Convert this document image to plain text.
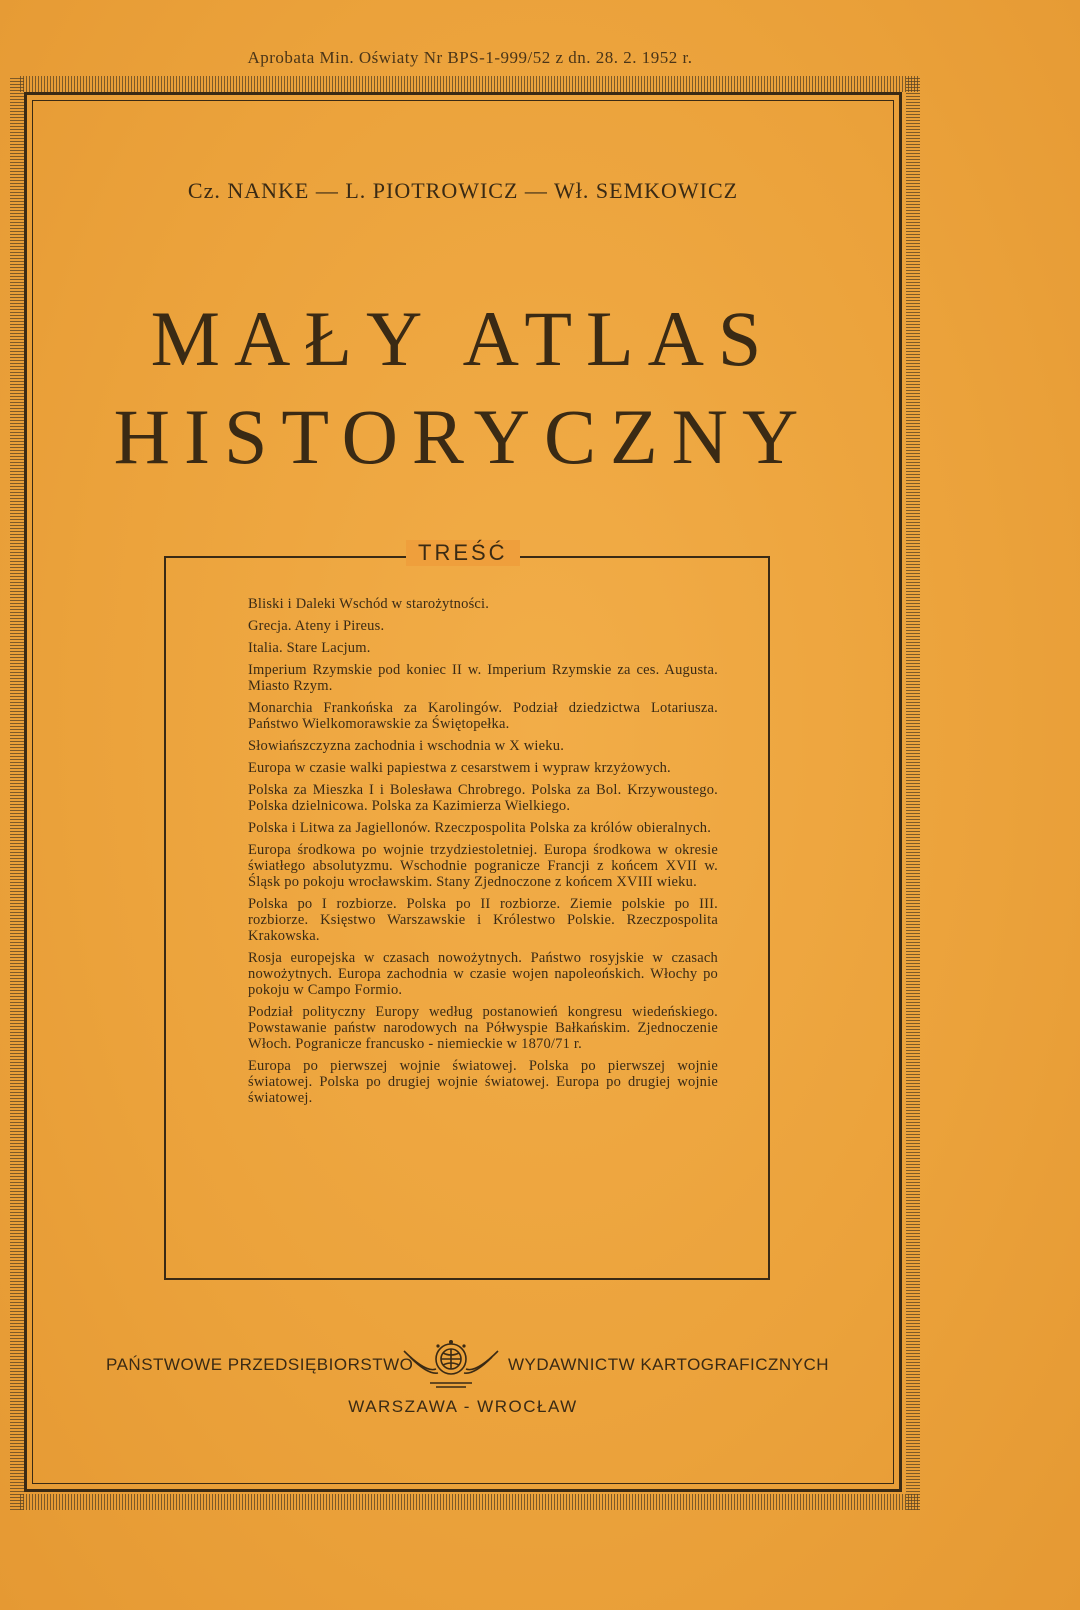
Aprobata Min. Oświaty Nr BPS-1-999/52 z dn. 28. 2. 1952 r.
Cz. NANKE — L. PIOTROWICZ — Wł. SEMKOWICZ
MAŁY ATLAS
HISTORYCZNY
TREŚĆ
Bliski i Daleki Wschód w starożytności.
Grecja. Ateny i Pireus.
Italia. Stare Lacjum.
Imperium Rzymskie pod koniec II w. Imperium Rzymskie za ces. Augusta. Miasto Rzym.
Monarchia Frankońska za Karolingów. Podział dziedzictwa Lotariusza. Państwo Wielkomorawskie za Świętopełka.
Słowiańszczyzna zachodnia i wschodnia w X wieku.
Europa w czasie walki papiestwa z cesarstwem i wypraw krzyżowych.
Polska za Mieszka I i Bolesława Chrobrego. Polska za Bol. Krzywoustego. Polska dzielnicowa. Polska za Kazimierza Wielkiego.
Polska i Litwa za Jagiellonów. Rzeczpospolita Polska za królów obieralnych.
Europa środkowa po wojnie trzydziestoletniej. Europa środkowa w okresie światłego absolutyzmu. Wschodnie pogranicze Francji z końcem XVII w. Śląsk po pokoju wrocławskim. Stany Zjednoczone z końcem XVIII wieku.
Polska po I rozbiorze. Polska po II rozbiorze. Ziemie polskie po III. rozbiorze. Księstwo Warszawskie i Królestwo Polskie. Rzeczpospolita Krakowska.
Rosja europejska w czasach nowożytnych. Państwo rosyjskie w czasach nowożytnych. Europa zachodnia w czasie wojen napoleońskich. Włochy po pokoju w Campo Formio.
Podział polityczny Europy według postanowień kongresu wiedeńskiego. Powstawanie państw narodowych na Półwyspie Bałkańskim. Zjednoczenie Włoch. Pogranicze francusko - niemieckie w 1870/71 r.
Europa po pierwszej wojnie światowej. Polska po pierwszej wojnie światowej. Polska po drugiej wojnie światowej. Europa po drugiej wojnie światowej.
PAŃSTWOWE PRZEDSIĘBIORSTWO	WYDAWNICTW KARTOGRAFICZNYCH
WARSZAWA - WROCŁAW
